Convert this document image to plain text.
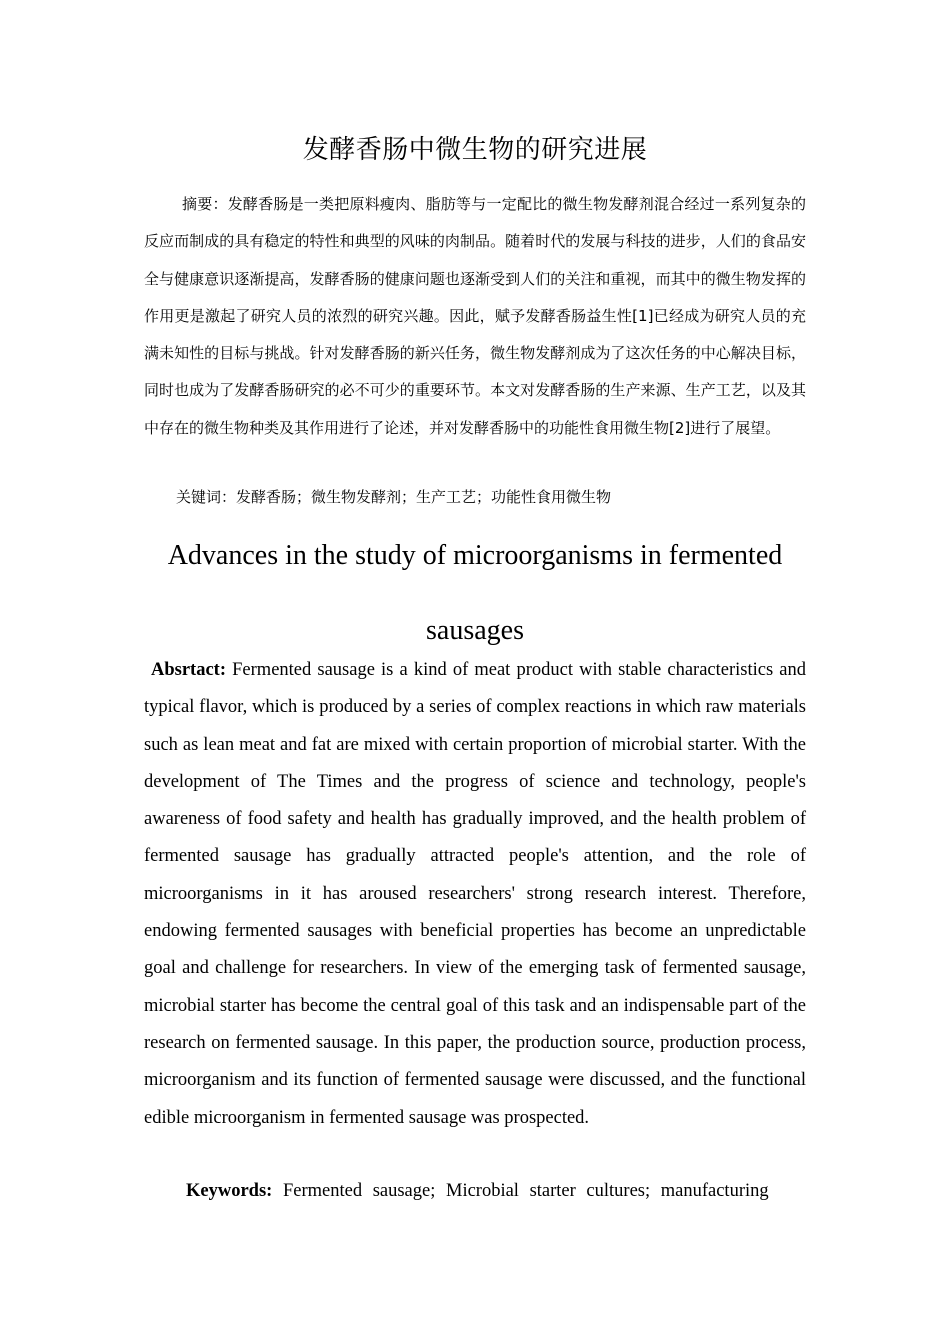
发酵香肠中微生物的研究进展

摘要：发酵香肠是一类把原料瘦肉、脂肪等与一定配比的微生物发酵剂混合经过一系列复杂的反应而制成的具有稳定的特性和典型的风味的肉制品。随着时代的发展与科技的进步，人们的食品安全与健康意识逐渐提高，发酵香肠的健康问题也逐渐受到人们的关注和重视，而其中的微生物发挥的作用更是激起了研究人员的浓烈的研究兴趣。因此，赋予发酵香肠益生性[1]已经成为研究人员的充满未知性的目标与挑战。针对发酵香肠的新兴任务，微生物发酵剂成为了这次任务的中心解决目标，同时也成为了发酵香肠研究的必不可少的重要环节。本文对发酵香肠的生产来源、生产工艺，以及其中存在的微生物种类及其作用进行了论述，并对发酵香肠中的功能性食用微生物[2]进行了展望。

关键词：发酵香肠；微生物发酵剂；生产工艺；功能性食用微生物

Advances in the study of microorganisms in fermented sausages

Absrtact: Fermented sausage is a kind of meat product with stable characteristics and typical flavor, which is produced by a series of complex reactions in which raw materials such as lean meat and fat are mixed with certain proportion of microbial starter. With the development of The Times and the progress of science and technology, people's awareness of food safety and health has gradually improved, and the health problem of fermented sausage has gradually attracted people's attention, and the role of microorganisms in it has aroused researchers' strong research interest. Therefore, endowing fermented sausages with beneficial properties has become an unpredictable goal and challenge for researchers. In view of the emerging task of fermented sausage, microbial starter has become the central goal of this task and an indispensable part of the research on fermented sausage. In this paper, the production source, production process, microorganism and its function of fermented sausage were discussed, and the functional edible microorganism in fermented sausage was prospected.

Keywords: Fermented sausage; Microbial starter cultures; manufacturing
